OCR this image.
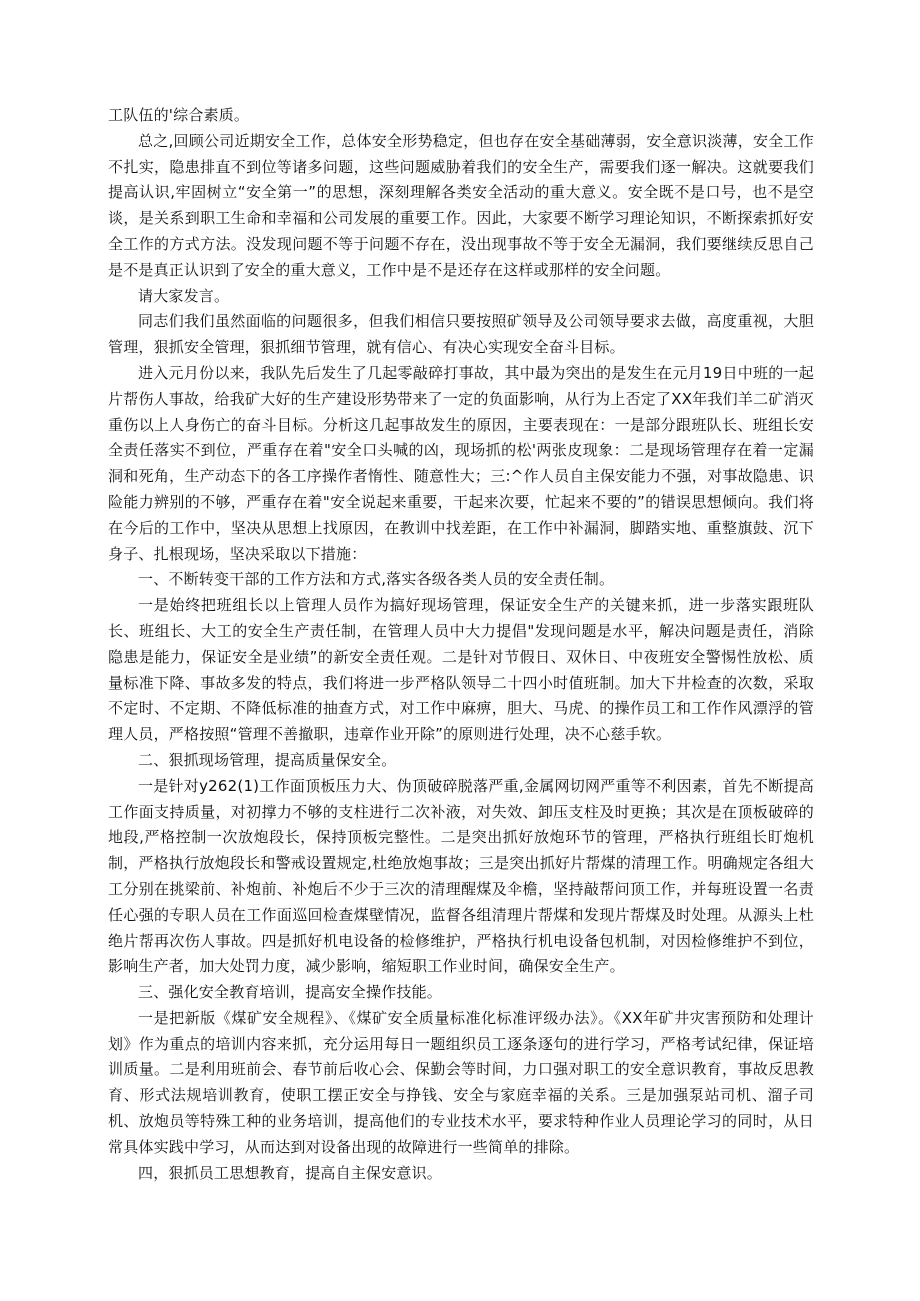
工队伍的'综合素质。

总之,回顾公司近期安全工作，总体安全形势稳定，但也存在安全基础薄弱，安全意识淡薄，安全工作不扎实，隐患排直不到位等诸多问题，这些问题威胁着我们的安全生产，需要我们逐一解决。这就要我们提高认识,牢固树立“安全第一”的思想，深刻理解各类安全活动的重大意义。安全既不是口号，也不是空谈，是关系到职工生命和幸福和公司发展的重要工作。因此，大家要不断学习理论知识，不断探索抓好安全工作的方式方法。没发现问题不等于问题不存在，没出现事故不等于安全无漏洞，我们要继续反思自己是不是真正认识到了安全的重大意义，工作中是不是还存在这样或那样的安全问题。

请大家发言。

同志们我们虽然面临的问题很多，但我们相信只要按照矿领导及公司领导要求去做，高度重视，大胆管理，狠抓安全管理，狠抓细节管理，就有信心、有决心实现安全奋斗目标。

进入元月份以来，我队先后发生了几起零敲碎打事故，其中最为突出的是发生在元月19日中班的一起片帮伤人事故，给我矿大好的生产建设形势带来了一定的负面影响，从行为上否定了XX年我们羊二矿消灭重伤以上人身伤亡的奋斗目标。分析这几起事故发生的原因，主要表现在：一是部分跟班队长、班组长安全责任落实不到位，严重存在着"安全口头喊的凶，现场抓的松'两张皮现象：二是现场管理存在着一定漏洞和死角，生产动态下的各工序操作者惰性、随意性大；三:^作人员自主保安能力不强，对事故隐患、识险能力辨别的不够，严重存在着"安全说起来重要，干起来次要，忙起来不要的”的错误思想倾向。我们将在今后的工作中，坚决从思想上找原因，在教训中找差距，在工作中补漏洞，脚踏实地、重整旗鼓、沉下身子、扎根现场，坚决采取以下措施：

一、不断转变干部的工作方法和方式,落实各级各类人员的安全责任制。

一是始终把班组长以上管理人员作为搞好现场管理，保证安全生产的关键来抓，进一步落实跟班队长、班组长、大工的安全生产责任制，在管理人员中大力提倡"发现问题是水平，解决问题是责任，消除隐患是能力，保证安全是业绩”的新安全责任观。二是针对节假日、双休日、中夜班安全警惕性放松、质量标准下降、事故多发的特点，我们将进一步严格队领导二十四小时值班制。加大下井检查的次数，采取不定时、不定期、不降低标准的抽查方式，对工作中麻痹，胆大、马虎、的操作员工和工作作风漂浮的管理人员，严格按照“管理不善撤职，违章作业开除”的原则进行处理，决不心慈手软。

二、狠抓现场管理，提高质量保安全。

一是针对y262(1)工作面顶板压力大、伪顶破碎脱落严重,金属网切网严重等不利因素，首先不断提高工作面支持质量，对初撑力不够的支柱进行二次补液，对失效、卸压支柱及时更换；其次是在顶板破碎的地段,严格控制一次放炮段长，保持顶板完整性。二是突出抓好放炮环节的管理，严格执行班组长盯炮机制，严格执行放炮段长和警戒设置规定,杜绝放炮事故；三是突出抓好片帮煤的清理工作。明确规定各组大工分别在挑梁前、补炮前、补炮后不少于三次的清理醒煤及伞檐，坚持敲帮问顶工作，并每班设置一名责任心强的专职人员在工作面巡回检查煤壁情况，监督各组清理片帮煤和发现片帮煤及时处理。从源头上杜绝片帮再次伤人事故。四是抓好机电设备的检修维护，严格执行机电设备包机制，对因检修维护不到位，影响生产者，加大处罚力度，减少影响，缩短职工作业时间，确保安全生产。

三、强化安全教育培训，提高安全操作技能。

一是把新版《煤矿安全规程》、《煤矿安全质量标准化标准评级办法》。《XX年矿井灾害预防和处理计划》作为重点的培训内容来抓，充分运用每日一题组织员工逐条逐句的进行学习，严格考试纪律，保证培训质量。二是利用班前会、春节前后收心会、保勤会等时间，力口强对职工的安全意识教育，事故反思教育、形式法规培训教育，使职工摆正安全与挣钱、安全与家庭幸福的关系。三是加强泵站司机、溜子司机、放炮员等特殊工种的业务培训，提高他们的专业技术水平，要求特种作业人员理论学习的同时，从日常具体实践中学习，从而达到对设备出现的故障进行一些简单的排除。

四，狠抓员工思想教育，提高自主保安意识。
